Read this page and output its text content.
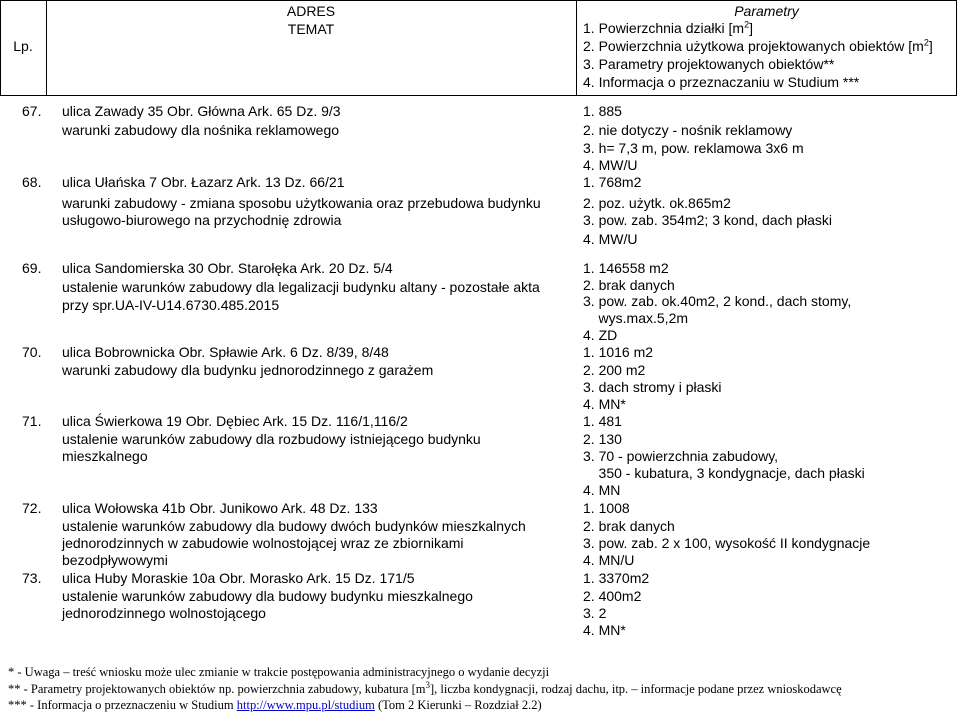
Lp.
ADRES
TEMAT
Parametry
1. Powierzchnia działki $[m^2]$
2. Powierzchnia użytkowa projektowanych obiektów $[m^2]$
3. Parametry projektowanych obiektów**
4. Informacja o przeznaczaniu w Studium ***
67. ulica Zawady 35 Obr. Główna Ark. 65 Dz. 9/3
warunki zabudowy dla nośnika reklamowego
1. 885
2. nie dotyczy - nośnik reklamowy
3. h= 7,3 m, pow. reklamowa 3x6 m
4. MW/U
68. ulica Ułańska 7 Obr. Łazarz Ark. 13 Dz. 66/21
warunki zabudowy - zmiana sposobu użytkowania oraz przebudowa budynku
usługowo-biurowego na przychodnię zdrowia
1. 768m2
2. poz. użytk. ok.865m2
3. pow. zab. 354m2; 3 kond, dach płaski
4. MW/U
69. ulica Sandomierska 30 Obr. Starołęka Ark. 20 Dz. 5/4
ustalenie warunków zabudowy dla legalizacji budynku altany - pozostałe akta
przy spr.UA-IV-U14.6730.485.2015
1. 146558 m2
2. brak danych
3. pow. zab. ok.40m2, 2 kond., dach stomy,
wys.max.5,2m
4. ZD
70. ulica Bobrownicka Obr. Spławie Ark. 6 Dz. 8/39, 8/48
warunki zabudowy dla budynku jednorodzinnego z garażem
1. 1016 m2
2. 200 m2
3. dach stromy i płaski
4. MN*
71. ulica Świerkowa 19 Obr. Dębiec Ark. 15 Dz. 116/1,116/2
ustalenie warunków zabudowy dla rozbudowy istniejącego budynku
mieszkalnego
1. 481
2. 130
3. 70 - powierzchnia zabudowy,
350 - kubatura, 3 kondygnacje, dach płaski
4. MN
72. ulica Wołowska 41b Obr. Junikowo Ark. 48 Dz. 133
ustalenie warunków zabudowy dla budowy dwóch budynków mieszkalnych
jednorodzinnych w zabudowie wolnostojącej wraz ze zbiornikami
bezodpływowymi
1. 1008
2. brak danych
3. pow. zab. 2 x 100, wysokość II kondygnacje
4. MN/U
73. ulica Huby Moraskie 10a Obr. Morasko Ark. 15 Dz. 171/5
ustalenie warunków zabudowy dla budowy budynku mieszkalnego
jednorodzinnego wolnostojącego
1. 3370m2
2. 400m2
3. 2
4. MN*
* - Uwaga – treść wniosku może ulec zmianie w trakcie postępowania administracyjnego o wydanie decyzji
** - Parametry projektowanych obiektów np. powierzchnia zabudowy, kubatura $[m^3]$, liczba kondygnacji, rodzaj dachu, itp. – informacje podane przez wnioskodawcę
*** - Informacja o przeznaczeniu w Studium http://www.mpu.pl/studium (Tom 2 Kierunki – Rozdział 2.2)
